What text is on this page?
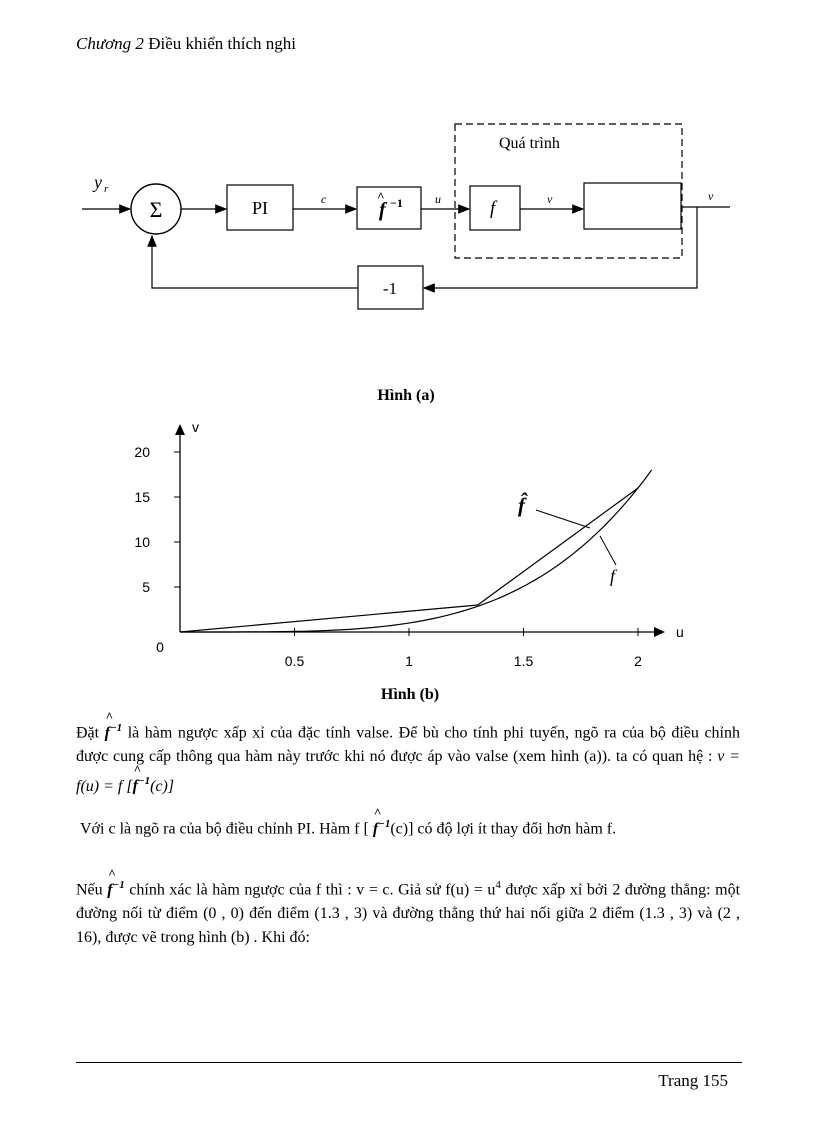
Chương 2 Điều khiển thích nghi
y r
Σ	PI	c	f
^ −1	u
Quá trình
f	v	v
-1
Hình (a)
u
v
0
0.5	1	1.5	2
5
10
15
20
f̂
f
Hình (b)
Đặt ^ $f^{-1}$ là hàm ngược xấp xỉ của đặc tính valse. Để bù cho tính phi tuyến, ngõ ra của bộ điều chỉnh được cung cấp thông qua hàm này trước khi nó được áp vào valse (xem hình (a)). ta có quan hệ : v = f(u) = f [^ $f^{-1}(c)$]
Với c là ngõ ra của bộ điều chỉnh PI. Hàm f [ ^ $f^{-1}(c)$] có độ lợi ít thay đổi hơn hàm f.
Nếu ^ $f^{-1}$ chính xác là hàm ngược của f thì : v = c. Giả sử $f(u) = u^4$ được xấp xỉ bởi 2 đường thẳng: một đường nối từ điểm (0 , 0) đến điểm (1.3 , 3) và đường thẳng thứ hai nối giữa 2 điểm (1.3 , 3) và (2 , 16), được vẽ trong hình (b) . Khi đó:
Trang 155
